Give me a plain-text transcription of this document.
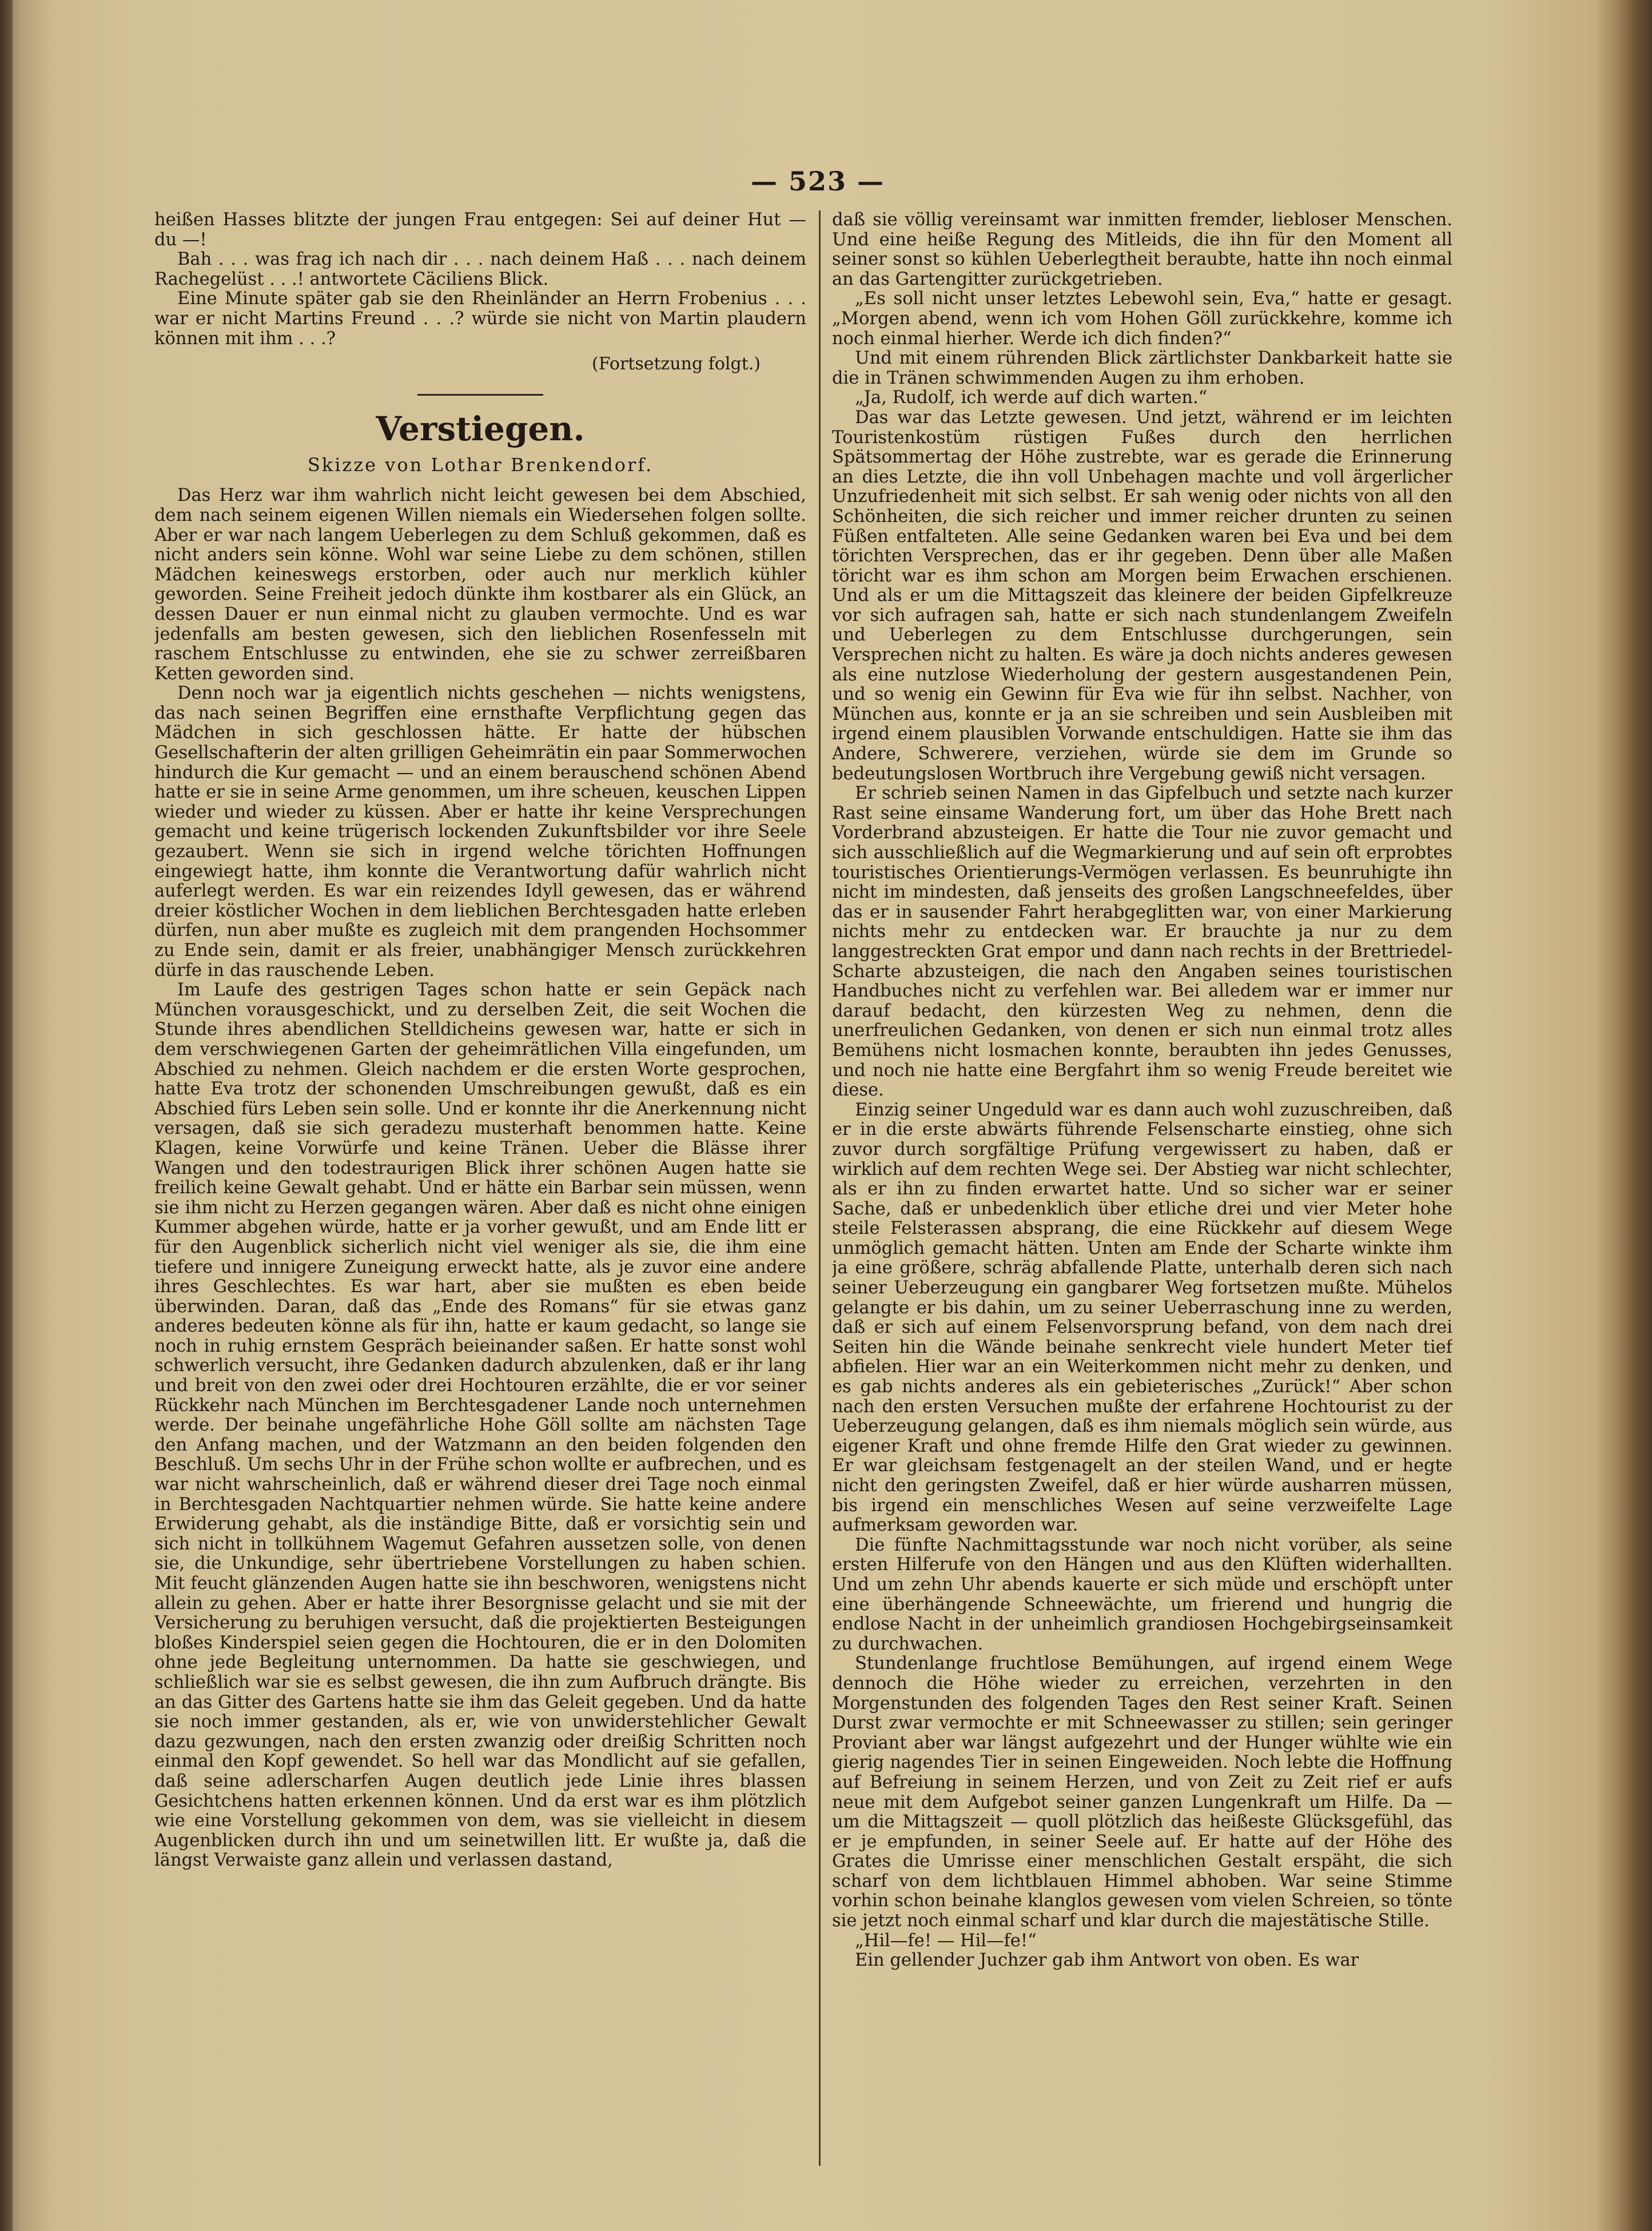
— 523 —

heißen Hasses blitzte der jungen Frau entgegen: Sei auf deiner Hut — du —!

Bah . . . was frag ich nach dir . . . nach deinem Haß . . . nach deinem Rachegelüst . . .! antwortete Cäciliens Blick.

Eine Minute später gab sie den Rheinländer an Herrn Frobenius . . . war er nicht Martins Freund . . .? würde sie nicht von Martin plaudern können mit ihm . . .?

(Fortsetzung folgt.)

Verstiegen.

Skizze von Lothar Brenkendorf.

Das Herz war ihm wahrlich nicht leicht gewesen bei dem Abschied, dem nach seinem eigenen Willen niemals ein Wiedersehen folgen sollte. Aber er war nach langem Ueberlegen zu dem Schluß gekommen, daß es nicht anders sein könne. Wohl war seine Liebe zu dem schönen, stillen Mädchen keineswegs erstorben, oder auch nur merklich kühler geworden. Seine Freiheit jedoch dünkte ihm kostbarer als ein Glück, an dessen Dauer er nun einmal nicht zu glauben vermochte. Und es war jedenfalls am besten gewesen, sich den lieblichen Rosenfesseln mit raschem Entschlusse zu entwinden, ehe sie zu schwer zerreißbaren Ketten geworden sind.

Denn noch war ja eigentlich nichts geschehen — nichts wenigstens, das nach seinen Begriffen eine ernsthafte Verpflichtung gegen das Mädchen in sich geschlossen hätte. Er hatte der hübschen Gesellschafterin der alten grilligen Geheimrätin ein paar Sommerwochen hindurch die Kur gemacht — und an einem berauschend schönen Abend hatte er sie in seine Arme genommen, um ihre scheuen, keuschen Lippen wieder und wieder zu küssen. Aber er hatte ihr keine Versprechungen gemacht und keine trügerisch lockenden Zukunftsbilder vor ihre Seele gezaubert. Wenn sie sich in irgend welche törichten Hoffnungen eingewiegt hatte, ihm konnte die Verantwortung dafür wahrlich nicht auferlegt werden. Es war ein reizendes Idyll gewesen, das er während dreier köstlicher Wochen in dem lieblichen Berchtesgaden hatte erleben dürfen, nun aber mußte es zugleich mit dem prangenden Hochsommer zu Ende sein, damit er als freier, unabhängiger Mensch zurückkehren dürfe in das rauschende Leben.

Im Laufe des gestrigen Tages schon hatte er sein Gepäck nach München vorausgeschickt, und zu derselben Zeit, die seit Wochen die Stunde ihres abendlichen Stelldicheins gewesen war, hatte er sich in dem verschwiegenen Garten der geheimrätlichen Villa eingefunden, um Abschied zu nehmen. Gleich nachdem er die ersten Worte gesprochen, hatte Eva trotz der schonenden Umschreibungen gewußt, daß es ein Abschied fürs Leben sein solle. Und er konnte ihr die Anerkennung nicht versagen, daß sie sich geradezu musterhaft benommen hatte. Keine Klagen, keine Vorwürfe und keine Tränen. Ueber die Blässe ihrer Wangen und den todestraurigen Blick ihrer schönen Augen hatte sie freilich keine Gewalt gehabt. Und er hätte ein Barbar sein müssen, wenn sie ihm nicht zu Herzen gegangen wären. Aber daß es nicht ohne einigen Kummer abgehen würde, hatte er ja vorher gewußt, und am Ende litt er für den Augenblick sicherlich nicht viel weniger als sie, die ihm eine tiefere und innigere Zuneigung erweckt hatte, als je zuvor eine andere ihres Geschlechtes. Es war hart, aber sie mußten es eben beide überwinden. Daran, daß das „Ende des Romans“ für sie etwas ganz anderes bedeuten könne als für ihn, hatte er kaum gedacht, so lange sie noch in ruhig ernstem Gespräch beieinander saßen. Er hatte sonst wohl schwerlich versucht, ihre Gedanken dadurch abzulenken, daß er ihr lang und breit von den zwei oder drei Hochtouren erzählte, die er vor seiner Rückkehr nach München im Berchtesgadener Lande noch unternehmen werde. Der beinahe ungefährliche Hohe Göll sollte am nächsten Tage den Anfang machen, und der Watzmann an den beiden folgenden den Beschluß. Um sechs Uhr in der Frühe schon wollte er aufbrechen, und es war nicht wahrscheinlich, daß er während dieser drei Tage noch einmal in Berchtesgaden Nachtquartier nehmen würde. Sie hatte keine andere Erwiderung gehabt, als die inständige Bitte, daß er vorsichtig sein und sich nicht in tollkühnem Wagemut Gefahren aussetzen solle, von denen sie, die Unkundige, sehr übertriebene Vorstellungen zu haben schien. Mit feucht glänzenden Augen hatte sie ihn beschworen, wenigstens nicht allein zu gehen. Aber er hatte ihrer Besorgnisse gelacht und sie mit der Versicherung zu beruhigen versucht, daß die projektierten Besteigungen bloßes Kinderspiel seien gegen die Hochtouren, die er in den Dolomiten ohne jede Begleitung unternommen. Da hatte sie geschwiegen, und schließlich war sie es selbst gewesen, die ihn zum Aufbruch drängte. Bis an das Gitter des Gartens hatte sie ihm das Geleit gegeben. Und da hatte sie noch immer gestanden, als er, wie von unwiderstehlicher Gewalt dazu gezwungen, nach den ersten zwanzig oder dreißig Schritten noch einmal den Kopf gewendet. So hell war das Mondlicht auf sie gefallen, daß seine adlerscharfen Augen deutlich jede Linie ihres blassen Gesichtchens hatten erkennen können. Und da erst war es ihm plötzlich wie eine Vorstellung gekommen von dem, was sie vielleicht in diesem Augenblicken durch ihn und um seinetwillen litt. Er wußte ja, daß die längst Verwaiste ganz allein und verlassen dastand,

daß sie völlig vereinsamt war inmitten fremder, liebloser Menschen. Und eine heiße Regung des Mitleids, die ihn für den Moment all seiner sonst so kühlen Ueberlegtheit beraubte, hatte ihn noch einmal an das Gartengitter zurückgetrieben.

„Es soll nicht unser letztes Lebewohl sein, Eva,“ hatte er gesagt. „Morgen abend, wenn ich vom Hohen Göll zurückkehre, komme ich noch einmal hierher. Werde ich dich finden?“

Und mit einem rührenden Blick zärtlichster Dankbarkeit hatte sie die in Tränen schwimmenden Augen zu ihm erhoben.

„Ja, Rudolf, ich werde auf dich warten.“

Das war das Letzte gewesen. Und jetzt, während er im leichten Touristenkostüm rüstigen Fußes durch den herrlichen Spätsommertag der Höhe zustrebte, war es gerade die Erinnerung an dies Letzte, die ihn voll Unbehagen machte und voll ärgerlicher Unzufriedenheit mit sich selbst. Er sah wenig oder nichts von all den Schönheiten, die sich reicher und immer reicher drunten zu seinen Füßen entfalteten. Alle seine Gedanken waren bei Eva und bei dem törichten Versprechen, das er ihr gegeben. Denn über alle Maßen töricht war es ihm schon am Morgen beim Erwachen erschienen. Und als er um die Mittagszeit das kleinere der beiden Gipfelkreuze vor sich aufragen sah, hatte er sich nach stundenlangem Zweifeln und Ueberlegen zu dem Entschlusse durchgerungen, sein Versprechen nicht zu halten. Es wäre ja doch nichts anderes gewesen als eine nutzlose Wiederholung der gestern ausgestandenen Pein, und so wenig ein Gewinn für Eva wie für ihn selbst. Nachher, von München aus, konnte er ja an sie schreiben und sein Ausbleiben mit irgend einem plausiblen Vorwande entschuldigen. Hatte sie ihm das Andere, Schwerere, verziehen, würde sie dem im Grunde so bedeutungslosen Wortbruch ihre Vergebung gewiß nicht versagen.

Er schrieb seinen Namen in das Gipfelbuch und setzte nach kurzer Rast seine einsame Wanderung fort, um über das Hohe Brett nach Vorderbrand abzusteigen. Er hatte die Tour nie zuvor gemacht und sich ausschließlich auf die Wegmarkierung und auf sein oft erprobtes touristisches Orientierungs-Vermögen verlassen. Es beunruhigte ihn nicht im mindesten, daß jenseits des großen Langschneefeldes, über das er in sausender Fahrt herabgeglitten war, von einer Markierung nichts mehr zu entdecken war. Er brauchte ja nur zu dem langgestreckten Grat empor und dann nach rechts in der Brettriedel-Scharte abzusteigen, die nach den Angaben seines touristischen Handbuches nicht zu verfehlen war. Bei alledem war er immer nur darauf bedacht, den kürzesten Weg zu nehmen, denn die unerfreulichen Gedanken, von denen er sich nun einmal trotz alles Bemühens nicht losmachen konnte, beraubten ihn jedes Genusses, und noch nie hatte eine Bergfahrt ihm so wenig Freude bereitet wie diese.

Einzig seiner Ungeduld war es dann auch wohl zuzuschreiben, daß er in die erste abwärts führende Felsenscharte einstieg, ohne sich zuvor durch sorgfältige Prüfung vergewissert zu haben, daß er wirklich auf dem rechten Wege sei. Der Abstieg war nicht schlechter, als er ihn zu finden erwartet hatte. Und so sicher war er seiner Sache, daß er unbedenklich über etliche drei und vier Meter hohe steile Felsterassen absprang, die eine Rückkehr auf diesem Wege unmöglich gemacht hätten. Unten am Ende der Scharte winkte ihm ja eine größere, schräg abfallende Platte, unterhalb deren sich nach seiner Ueberzeugung ein gangbarer Weg fortsetzen mußte. Mühelos gelangte er bis dahin, um zu seiner Ueberraschung inne zu werden, daß er sich auf einem Felsenvorsprung befand, von dem nach drei Seiten hin die Wände beinahe senkrecht viele hundert Meter tief abfielen. Hier war an ein Weiterkommen nicht mehr zu denken, und es gab nichts anderes als ein gebieterisches „Zurück!“ Aber schon nach den ersten Versuchen mußte der erfahrene Hochtourist zu der Ueberzeugung gelangen, daß es ihm niemals möglich sein würde, aus eigener Kraft und ohne fremde Hilfe den Grat wieder zu gewinnen. Er war gleichsam festgenagelt an der steilen Wand, und er hegte nicht den geringsten Zweifel, daß er hier würde ausharren müssen, bis irgend ein menschliches Wesen auf seine verzweifelte Lage aufmerksam geworden war.

Die fünfte Nachmittagsstunde war noch nicht vorüber, als seine ersten Hilferufe von den Hängen und aus den Klüften widerhallten. Und um zehn Uhr abends kauerte er sich müde und erschöpft unter eine überhängende Schneewächte, um frierend und hungrig die endlose Nacht in der unheimlich grandiosen Hochgebirgseinsamkeit zu durchwachen.

Stundenlange fruchtlose Bemühungen, auf irgend einem Wege dennoch die Höhe wieder zu erreichen, verzehrten in den Morgenstunden des folgenden Tages den Rest seiner Kraft. Seinen Durst zwar vermochte er mit Schneewasser zu stillen; sein geringer Proviant aber war längst aufgezehrt und der Hunger wühlte wie ein gierig nagendes Tier in seinen Eingeweiden. Noch lebte die Hoffnung auf Befreiung in seinem Herzen, und von Zeit zu Zeit rief er aufs neue mit dem Aufgebot seiner ganzen Lungenkraft um Hilfe. Da — um die Mittagszeit — quoll plötzlich das heißeste Glücksgefühl, das er je empfunden, in seiner Seele auf. Er hatte auf der Höhe des Grates die Umrisse einer menschlichen Gestalt erspäht, die sich scharf von dem lichtblauen Himmel abhoben. War seine Stimme vorhin schon beinahe klanglos gewesen vom vielen Schreien, so tönte sie jetzt noch einmal scharf und klar durch die majestätische Stille.

„Hil—fe! — Hil—fe!“

Ein gellender Juchzer gab ihm Antwort von oben. Es war
